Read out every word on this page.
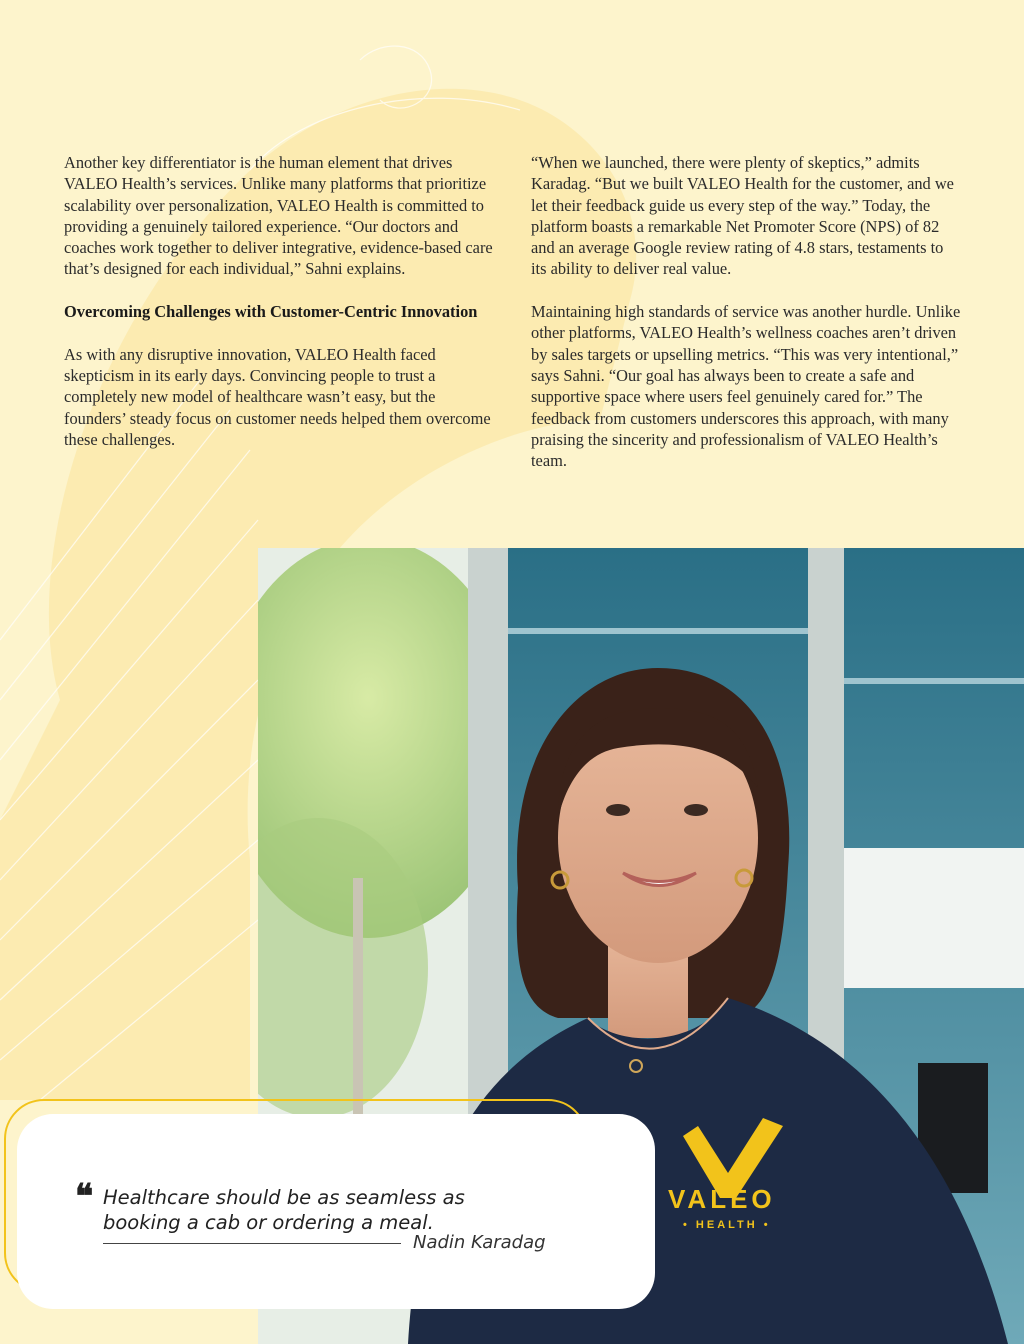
Another key differentiator is the human element that drives VALEO Health’s services. Unlike many platforms that prioritize scalability over personalization, VALEO Health is committed to providing a genuinely tailored experience. “Our doctors and coaches work together to deliver integrative, evidence-based care that’s designed for each individual,” Sahni explains.

Overcoming Challenges with Customer-Centric Innovation

As with any disruptive innovation, VALEO Health faced skepticism in its early days. Convincing people to trust a completely new model of healthcare wasn’t easy, but the founders’ steady focus on customer needs helped them overcome these challenges.

“When we launched, there were plenty of skeptics,” admits Karadag. “But we built VALEO Health for the customer, and we let their feedback guide us every step of the way.” Today, the platform boasts a remarkable Net Promoter Score (NPS) of 82 and an average Google review rating of 4.8 stars, testaments to its ability to deliver real value.

Maintaining high standards of service was another hurdle. Unlike other platforms, VALEO Health’s wellness coaches aren’t driven by sales targets or upselling metrics. “This was very intentional,” says Sahni. “Our goal has always been to create a safe and supportive space where users feel genuinely cared for.” The feedback from customers underscores this approach, with many praising the sincerity and professionalism of VALEO Health’s team.

VALEO
• HEALTH •
❝ Healthcare should be as seamless as
booking a cab or ordering a meal.
Nadin Karadag
